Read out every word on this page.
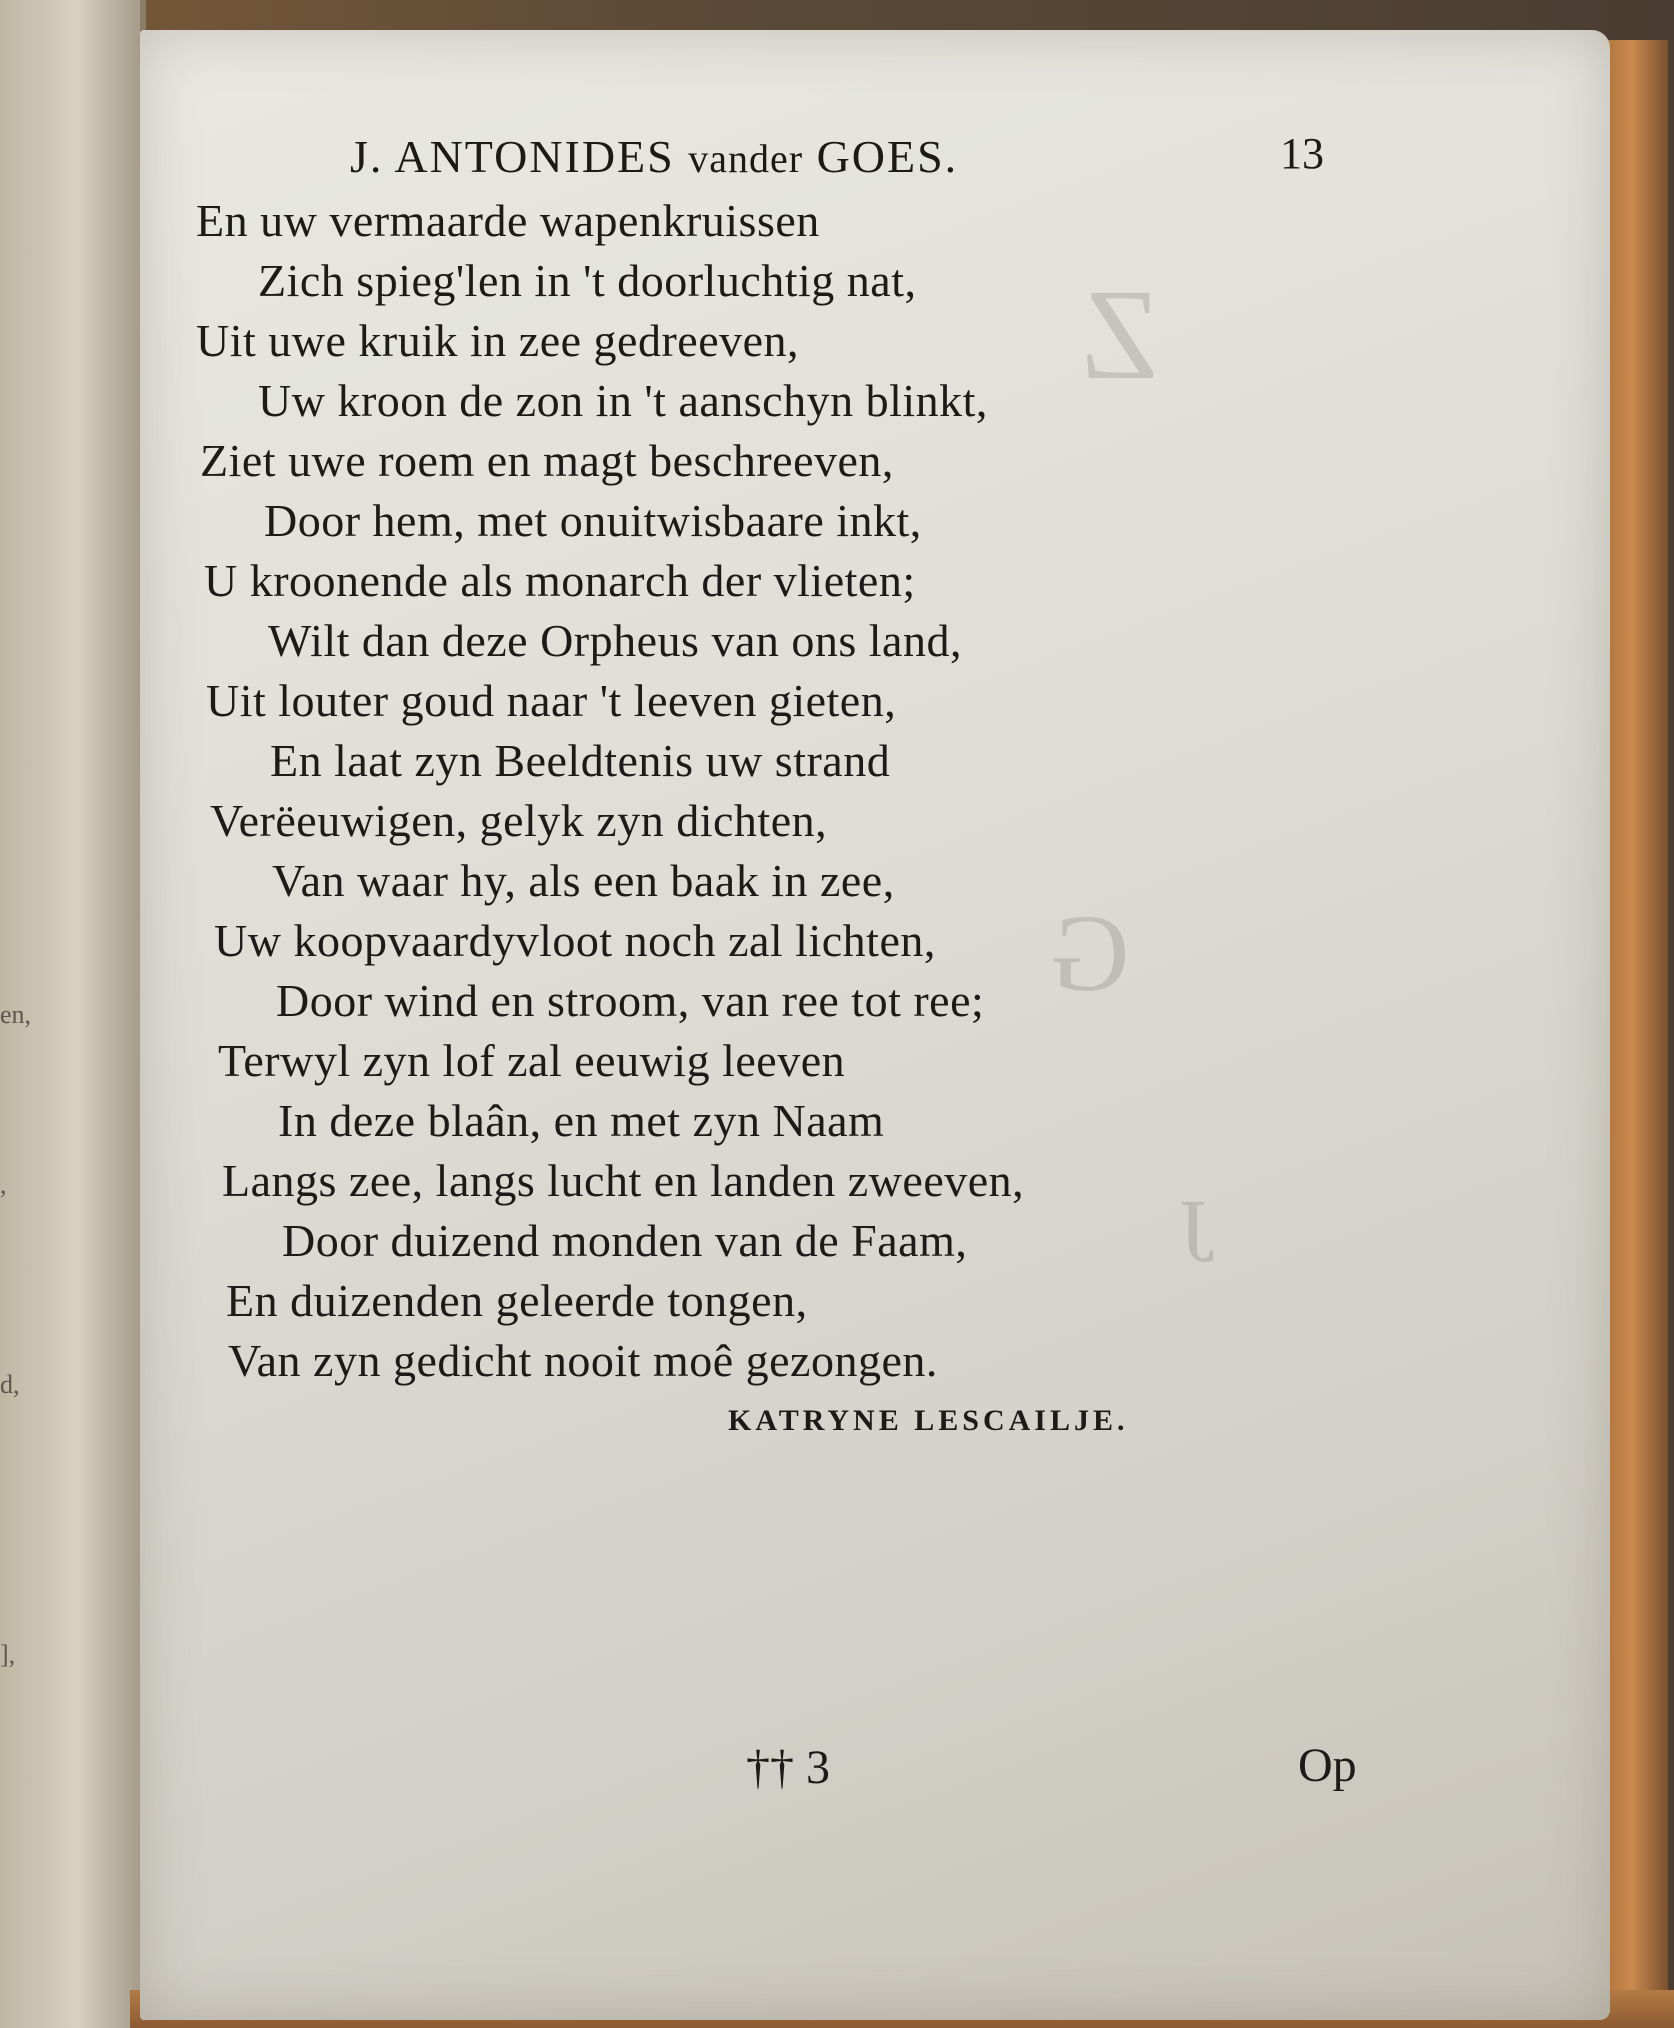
en,
,
d,
],
Z
G
J
J. ANTONIDES vander GOES.	13
En uw vermaarde wapenkruissen
Zich spieg'len in 't doorluchtig nat,
Uit uwe kruik in zee gedreeven,
Uw kroon de zon in 't aanschyn blinkt,
Ziet uwe roem en magt beschreeven,
Door hem, met onuitwisbaare inkt,
U kroonende als monarch der vlieten;
Wilt dan deze Orpheus van ons land,
Uit louter goud naar 't leeven gieten,
En laat zyn Beeldtenis uw strand
Verëeuwigen, gelyk zyn dichten,
Van waar hy, als een baak in zee,
Uw koopvaardyvloot noch zal lichten,
Door wind en stroom, van ree tot ree;
Terwyl zyn lof zal eeuwig leeven
In deze blaân, en met zyn Naam
Langs zee, langs lucht en landen zweeven,
Door duizend monden van de Faam,
En duizenden geleerde tongen,
Van zyn gedicht nooit moê gezongen.
KATRYNE LESCAILJE.
†† 3	Op
